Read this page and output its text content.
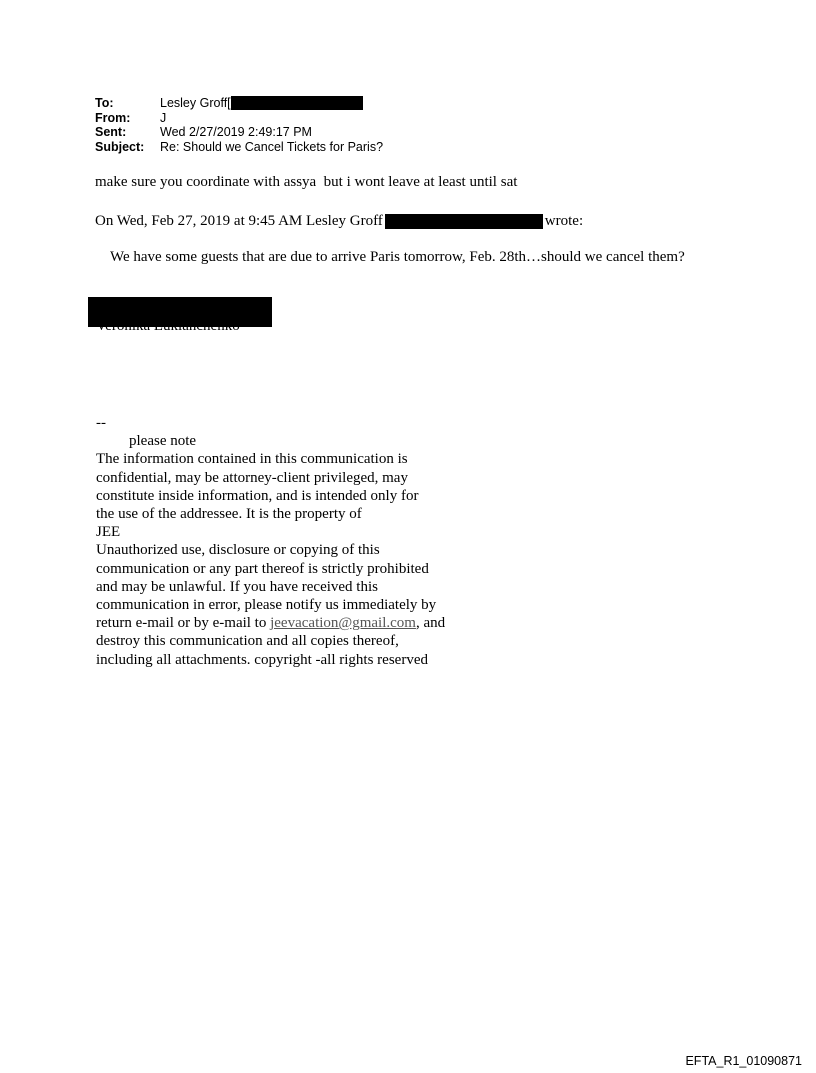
To:	Lesley Groff[
From:	J
Sent:	Wed 2/27/2019 2:49:17 PM
Subject:	Re: Should we Cancel Tickets for Paris?
make sure you coordinate with assya  but i wont leave at least until sat
On Wed, Feb 27, 2019 at 9:45 AM Lesley Groff	wrote:
We have some guests that are due to arrive Paris tomorrow, Feb. 28th…should we cancel them?
--
please note
The information contained in this communication is
confidential, may be attorney-client privileged, may
constitute inside information, and is intended only for
the use of the addressee. It is the property of
JEE
Unauthorized use, disclosure or copying of this
communication or any part thereof is strictly prohibited
and may be unlawful. If you have received this
communication in error, please notify us immediately by
return e-mail or by e-mail to jeevacation@gmail.com, and
destroy this communication and all copies thereof,
including all attachments. copyright -all rights reserved
EFTA_R1_01090871
